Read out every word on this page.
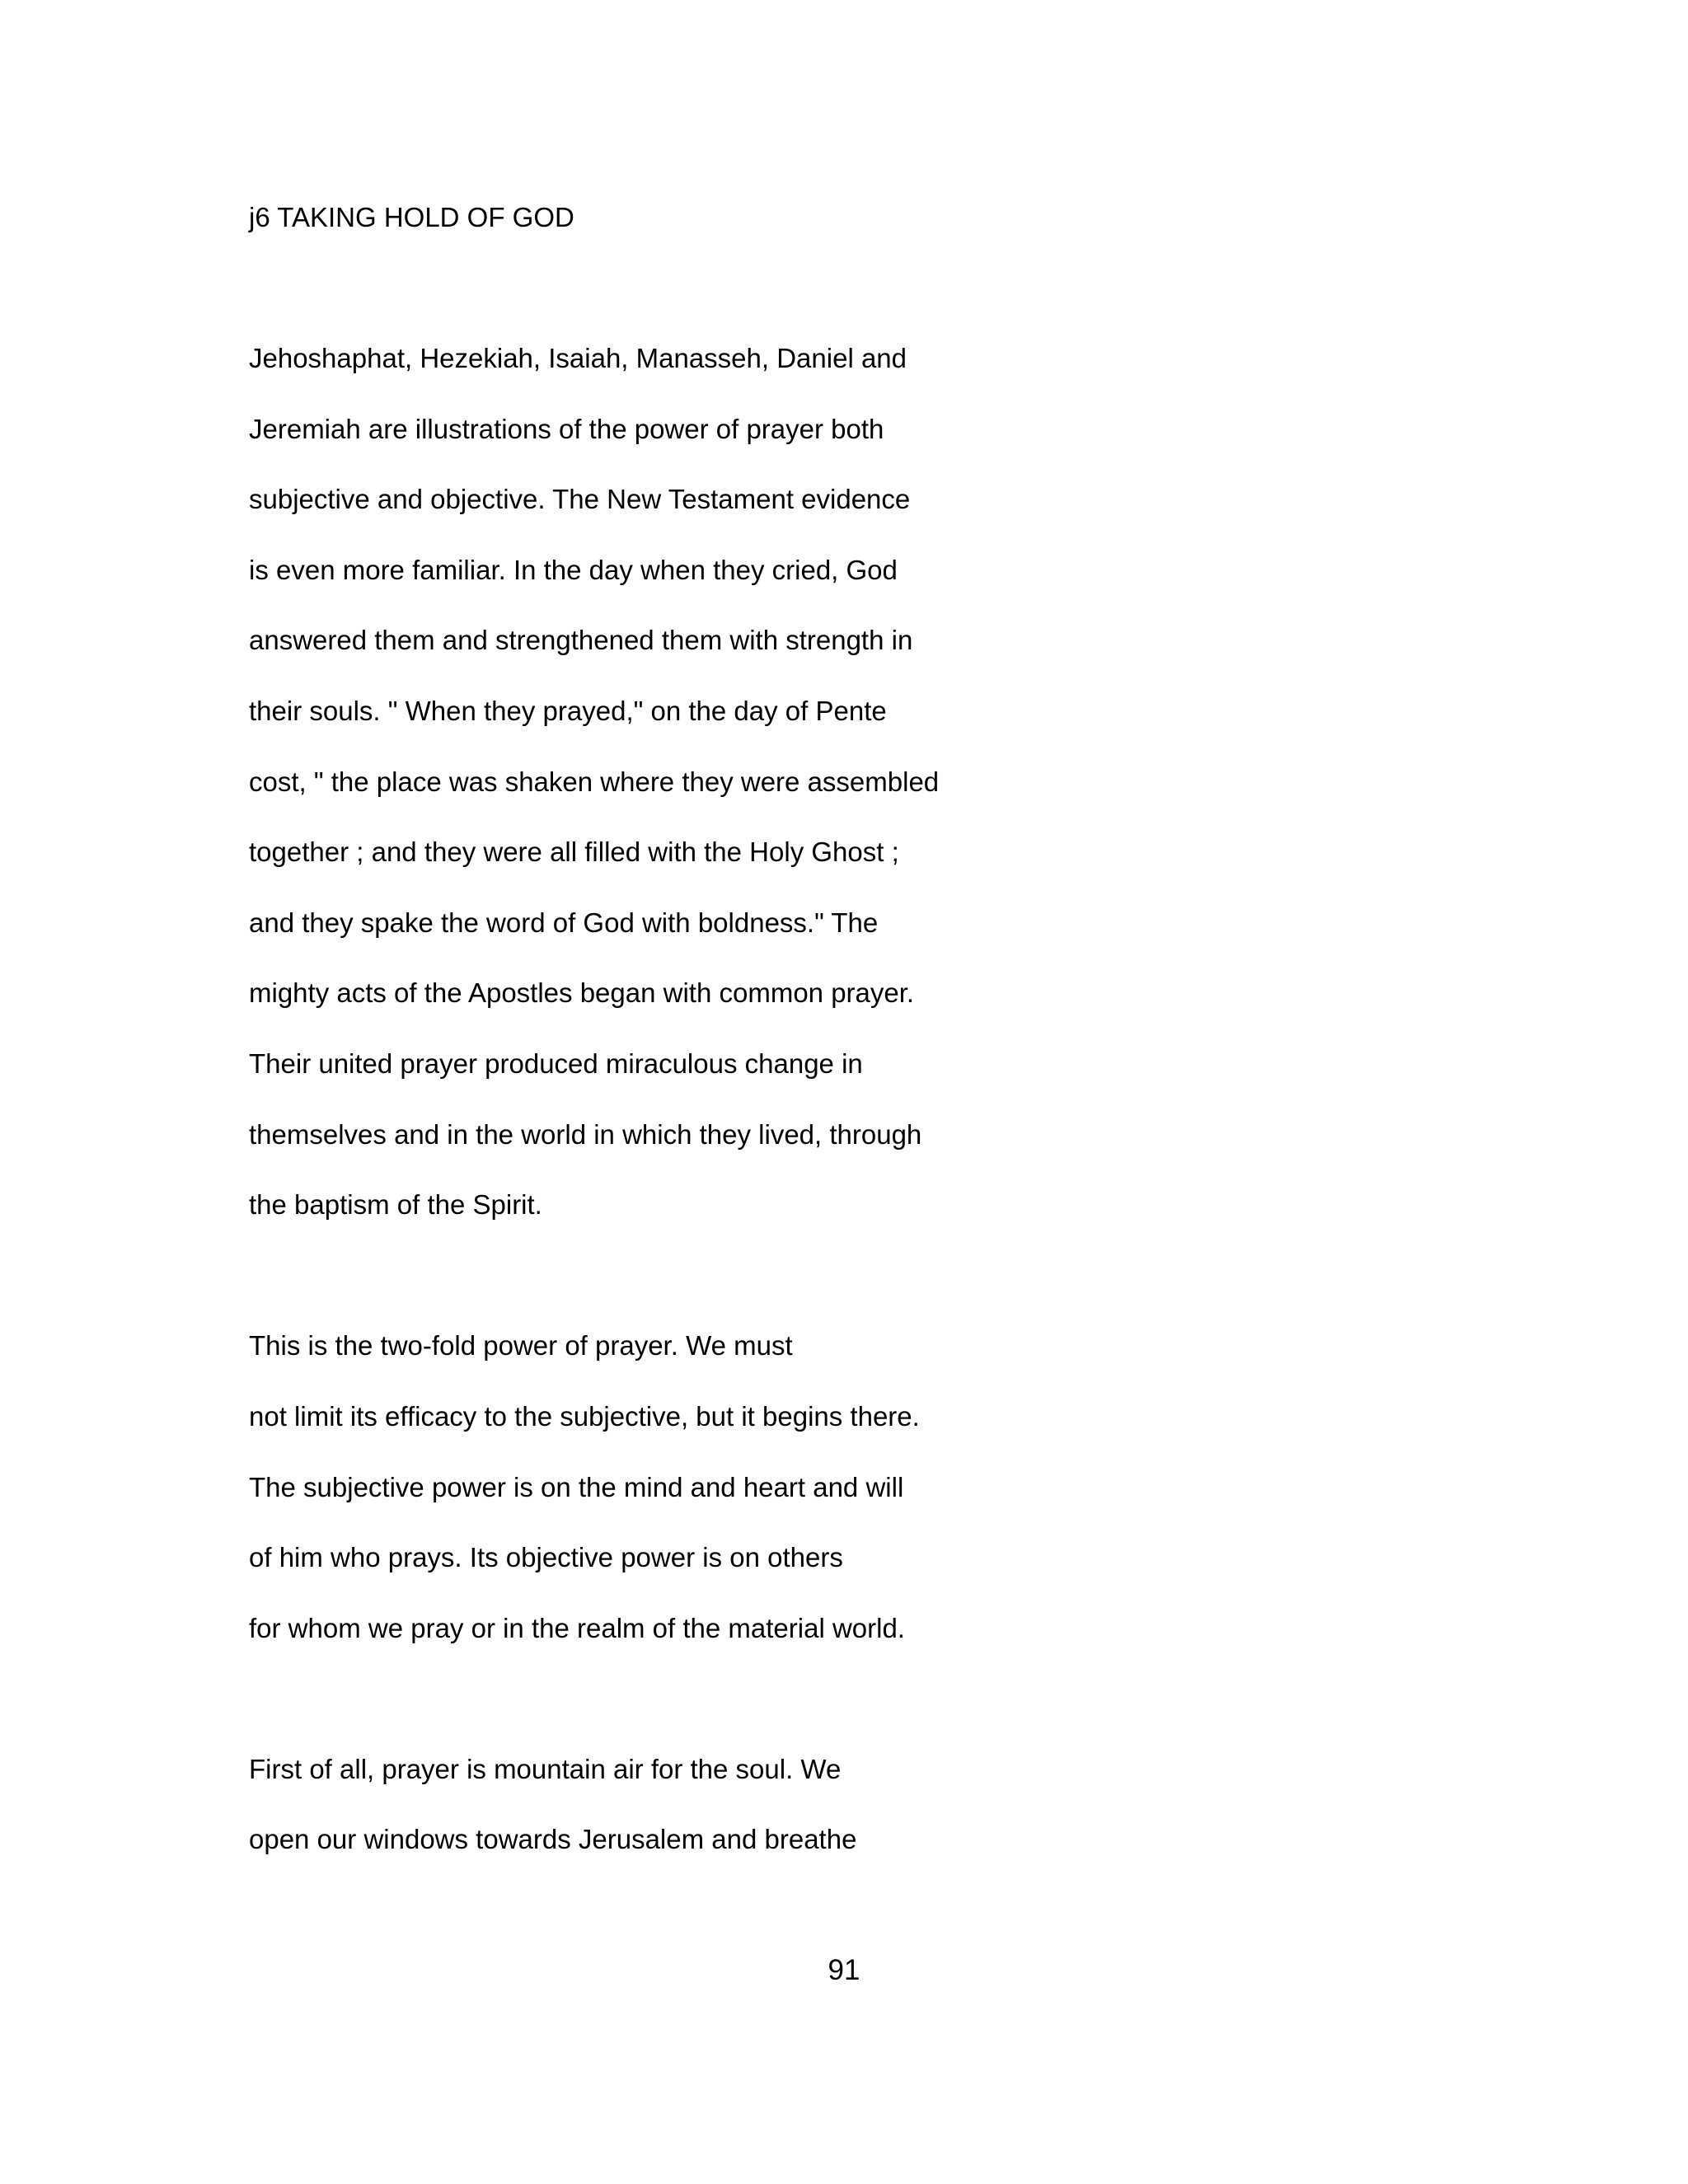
j6 TAKING HOLD OF GOD
Jehoshaphat, Hezekiah, Isaiah, Manasseh, Daniel and
Jeremiah are illustrations of the power of prayer both
subjective and objective. The New Testament evidence
is even more familiar. In the day when they cried, God
answered them and strengthened them with strength in
their souls. " When they prayed," on the day of Pente
cost, " the place was shaken where they were assembled
together ; and they were all filled with the Holy Ghost ;
and they spake the word of God with boldness." The
mighty acts of the Apostles began with common prayer.
Their united prayer produced miraculous change in
themselves and in the world in which they lived, through
the baptism of the Spirit.
This is the two-fold power of prayer. We must
not limit its efficacy to the subjective, but it begins there.
The subjective power is on the mind and heart and will
of him who prays. Its objective power is on others
for whom we pray or in the realm of the material world.
First of all, prayer is mountain air for the soul. We
open our windows towards Jerusalem and breathe
91
